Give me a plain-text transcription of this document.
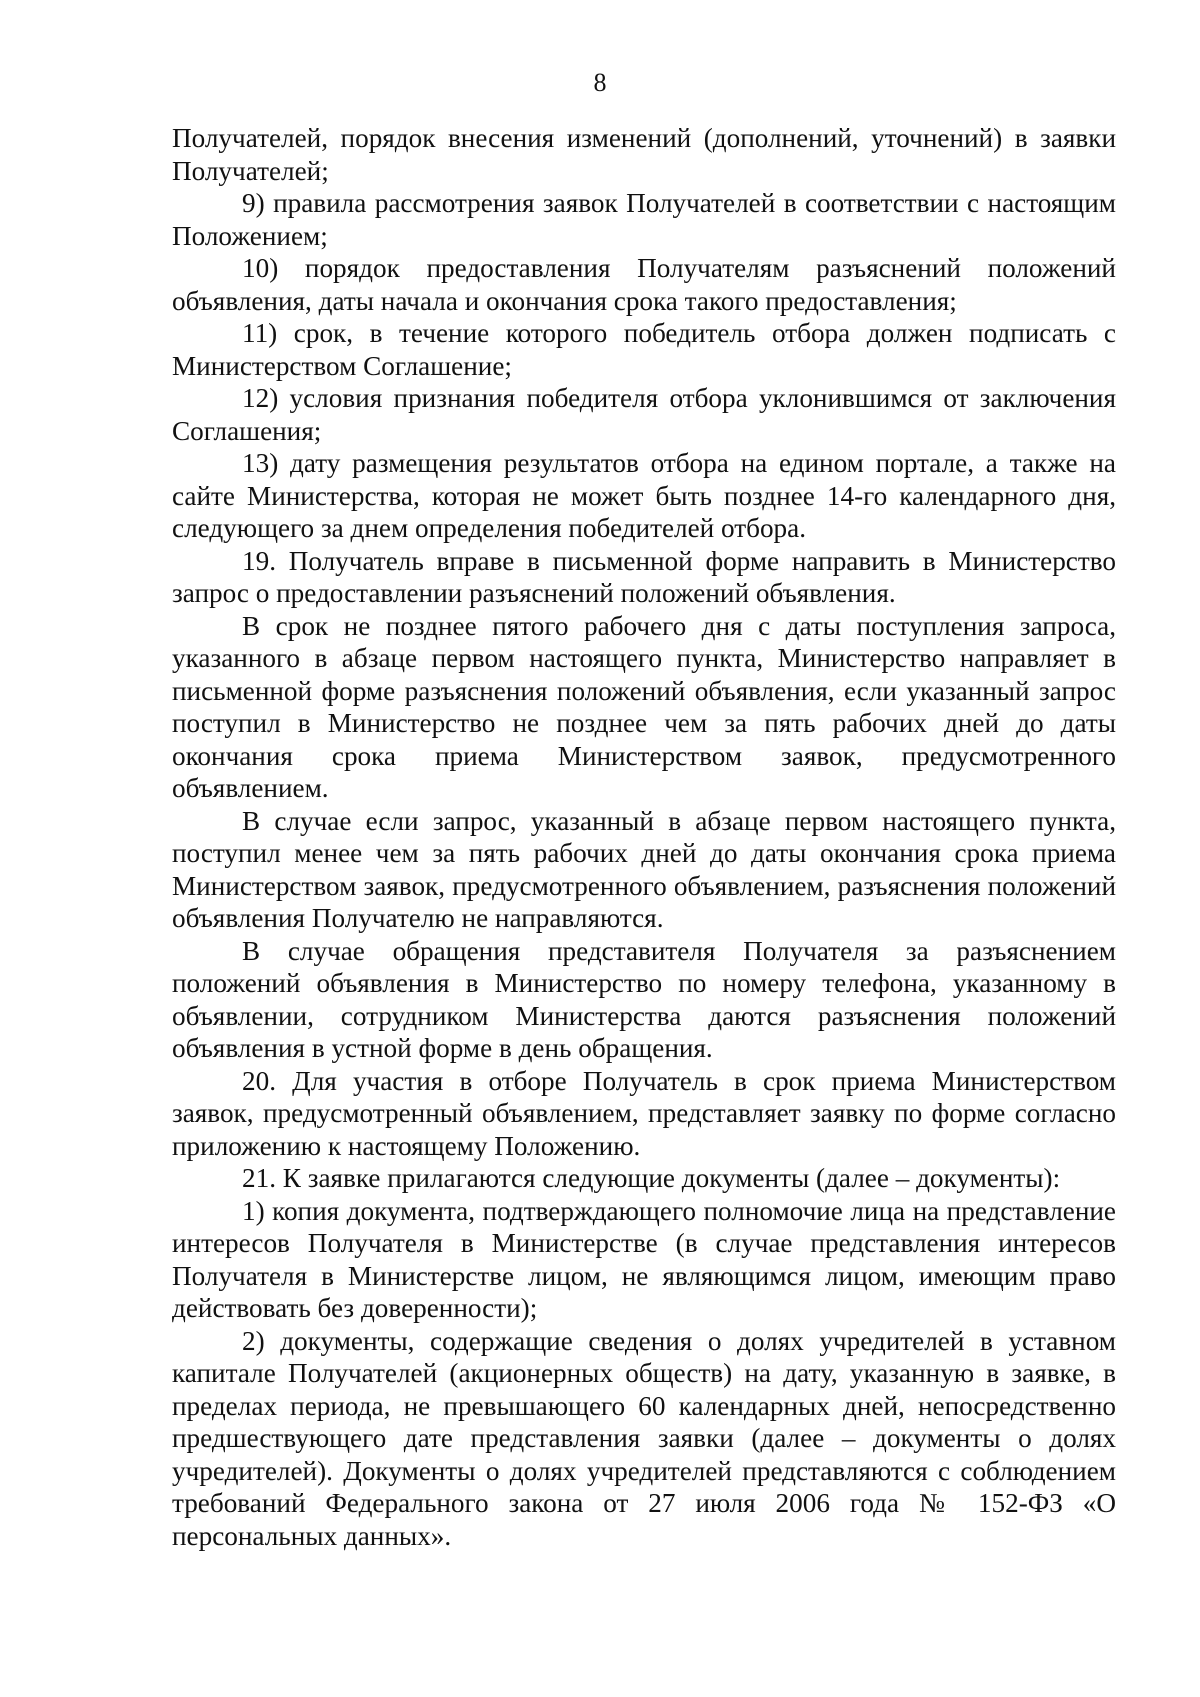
8

Получателей, порядок внесения изменений (дополнений, уточнений) в заявки Получателей;

9) правила рассмотрения заявок Получателей в соответствии с настоящим Положением;

10) порядок предоставления Получателям разъяснений положений объявления, даты начала и окончания срока такого предоставления;

11) срок, в течение которого победитель отбора должен подписать с Министерством Соглашение;

12) условия признания победителя отбора уклонившимся от заключения Соглашения;

13) дату размещения результатов отбора на едином портале, а также на сайте Министерства, которая не может быть позднее 14-го календарного дня, следующего за днем определения победителей отбора.

19. Получатель вправе в письменной форме направить в Министерство запрос о предоставлении разъяснений положений объявления.

В срок не позднее пятого рабочего дня с даты поступления запроса, указанного в абзаце первом настоящего пункта, Министерство направляет в письменной форме разъяснения положений объявления, если указанный запрос поступил в Министерство не позднее чем за пять рабочих дней до даты окончания срока приема Министерством заявок, предусмотренного объявлением.

В случае если запрос, указанный в абзаце первом настоящего пункта, поступил менее чем за пять рабочих дней до даты окончания срока приема Министерством заявок, предусмотренного объявлением, разъяснения положений объявления Получателю не направляются.

В случае обращения представителя Получателя за разъяснением положений объявления в Министерство по номеру телефона, указанному в объявлении, сотрудником Министерства даются разъяснения положений объявления в устной форме в день обращения.

20. Для участия в отборе Получатель в срок приема Министерством заявок, предусмотренный объявлением, представляет заявку по форме согласно приложению к настоящему Положению.

21. К заявке прилагаются следующие документы (далее – документы):

1) копия документа, подтверждающего полномочие лица на представление интересов Получателя в Министерстве (в случае представления интересов Получателя в Министерстве лицом, не являющимся лицом, имеющим право действовать без доверенности);

2) документы, содержащие сведения о долях учредителей в уставном капитале Получателей (акционерных обществ) на дату, указанную в заявке, в пределах периода, не превышающего 60 календарных дней, непосредственно предшествующего дате представления заявки (далее – документы о долях учредителей). Документы о долях учредителей представляются с соблюдением требований Федерального закона от 27 июля 2006 года № 152-ФЗ «О персональных данных».
